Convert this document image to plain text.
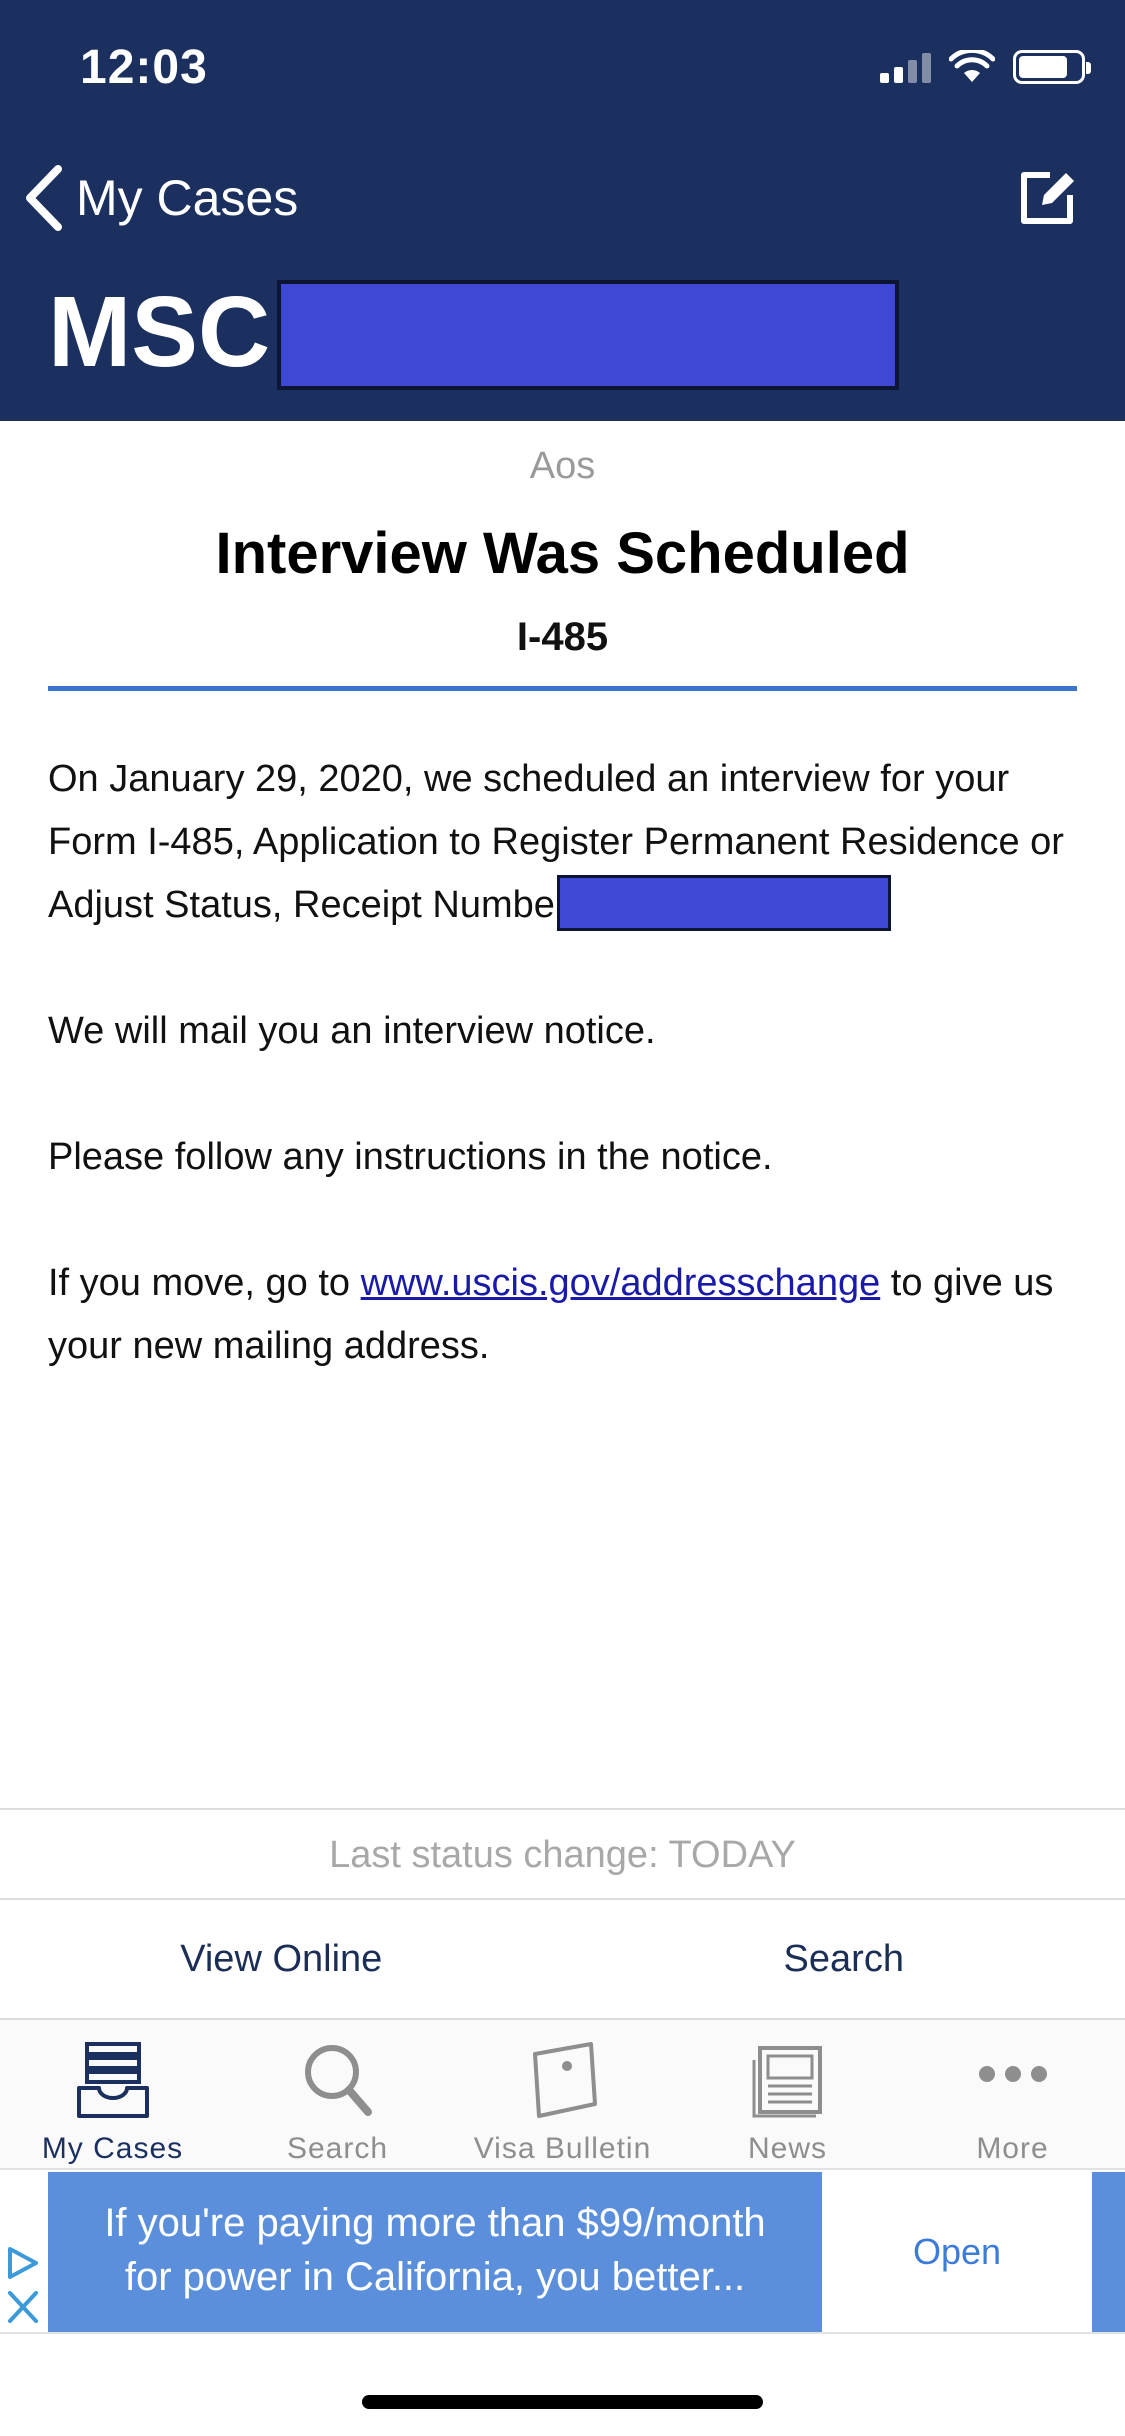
12:03
My Cases
MSC
Aos
Interview Was Scheduled
I-485

On January 29, 2020, we scheduled an interview for your Form I-485, Application to Register Permanent Residence or Adjust Status, Receipt Numbe

We will mail you an interview notice.

Please follow any instructions in the notice.

If you move, go to www.uscis.gov/addresschange to give us your new mailing address.

Last status change: TODAY
View Online	Search
My Cases	Search	Visa Bulletin	News	More
If you're paying more than $99/month
for power in California, you better...
Open
